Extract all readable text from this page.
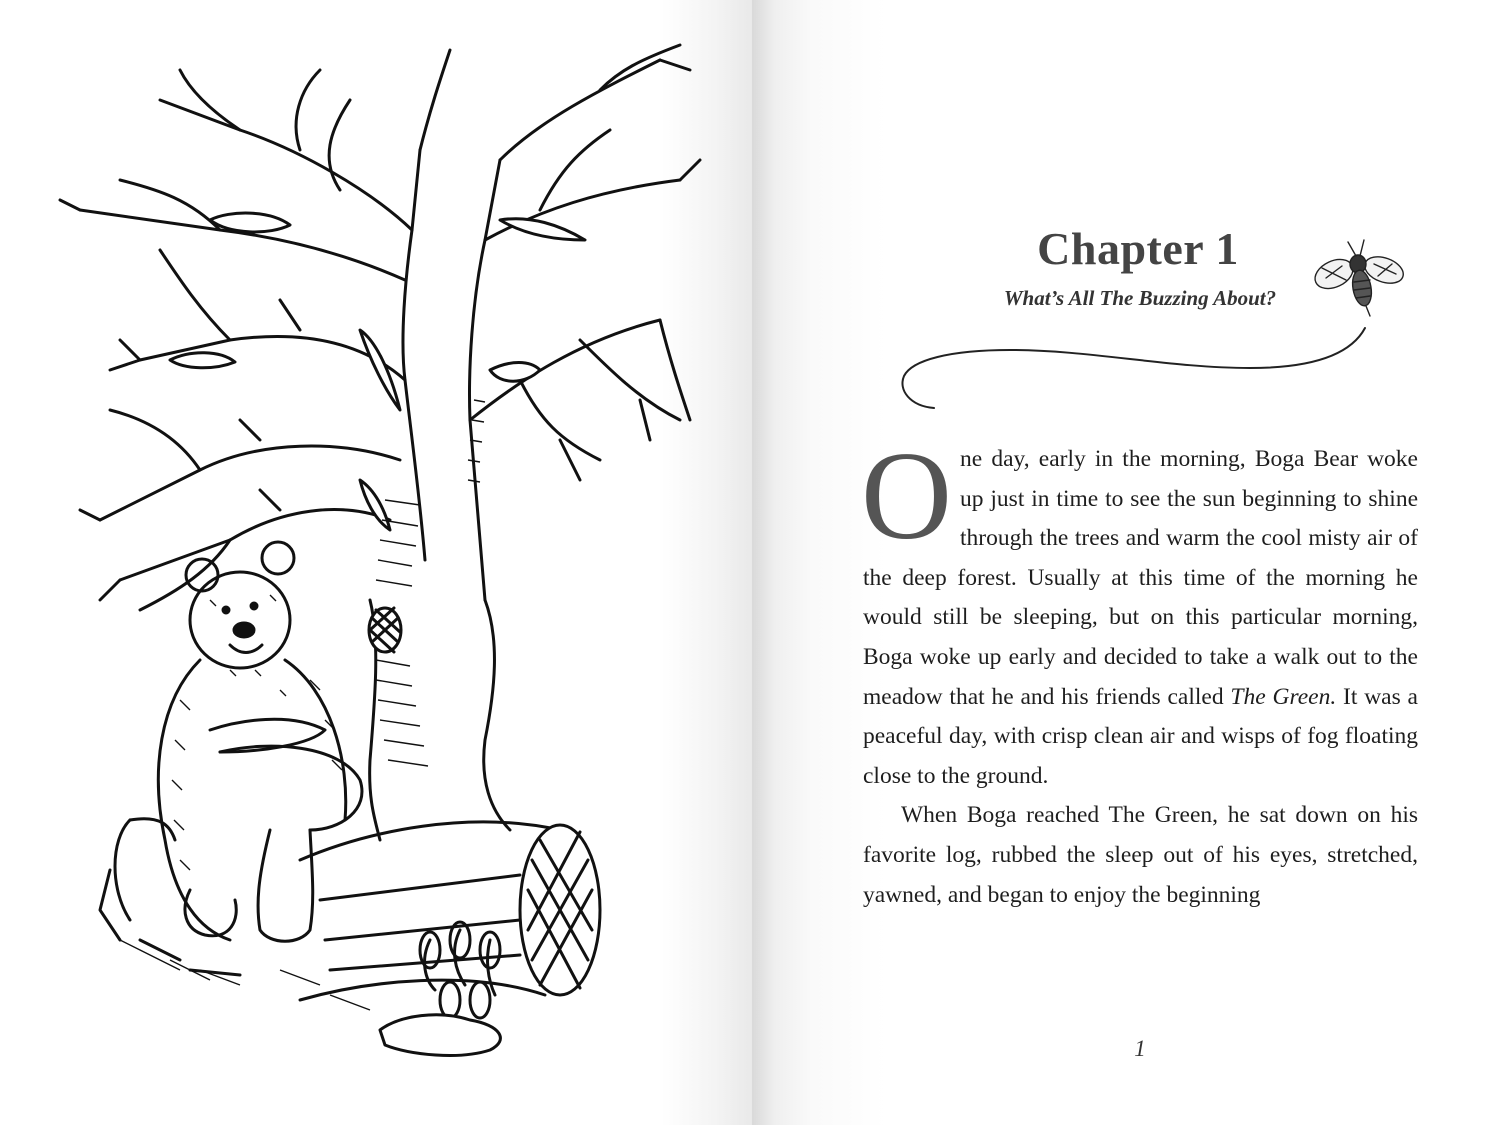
Chapter 1
What’s All The Buzzing About?

One day, early in the morning, Boga Bear woke up just in time to see the sun beginning to shine through the trees and warm the cool misty air of the deep forest. Usually at this time of the morning he would still be sleeping, but on this particular morning, Boga woke up early and decided to take a walk out to the meadow that he and his friends called The Green. It was a peaceful day, with crisp clean air and wisps of fog floating close to the ground.

When Boga reached The Green, he sat down on his favorite log, rubbed the sleep out of his eyes, stretched, yawned, and began to enjoy the beginning

1
